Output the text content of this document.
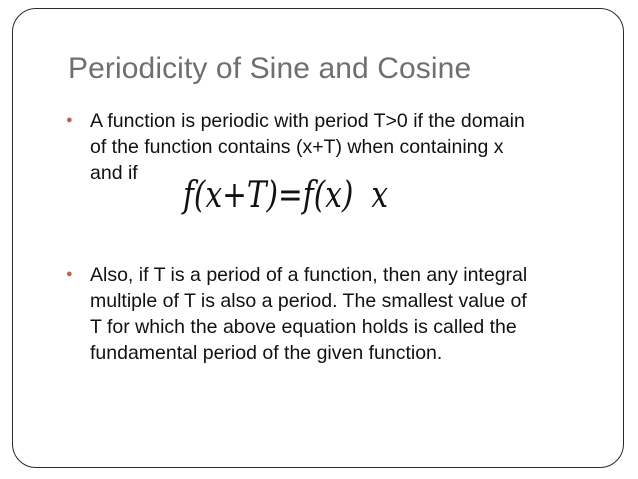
Periodicity of Sine and Cosine
● A function is periodic with period T>0 if the domain of the function contains (x+T) when containing x and if
f(x+T)=f(x) x
● Also, if T is a period of a function, then any integral multiple of T is also a period. The smallest value of T for which the above equation holds is called the fundamental period of the given function.
